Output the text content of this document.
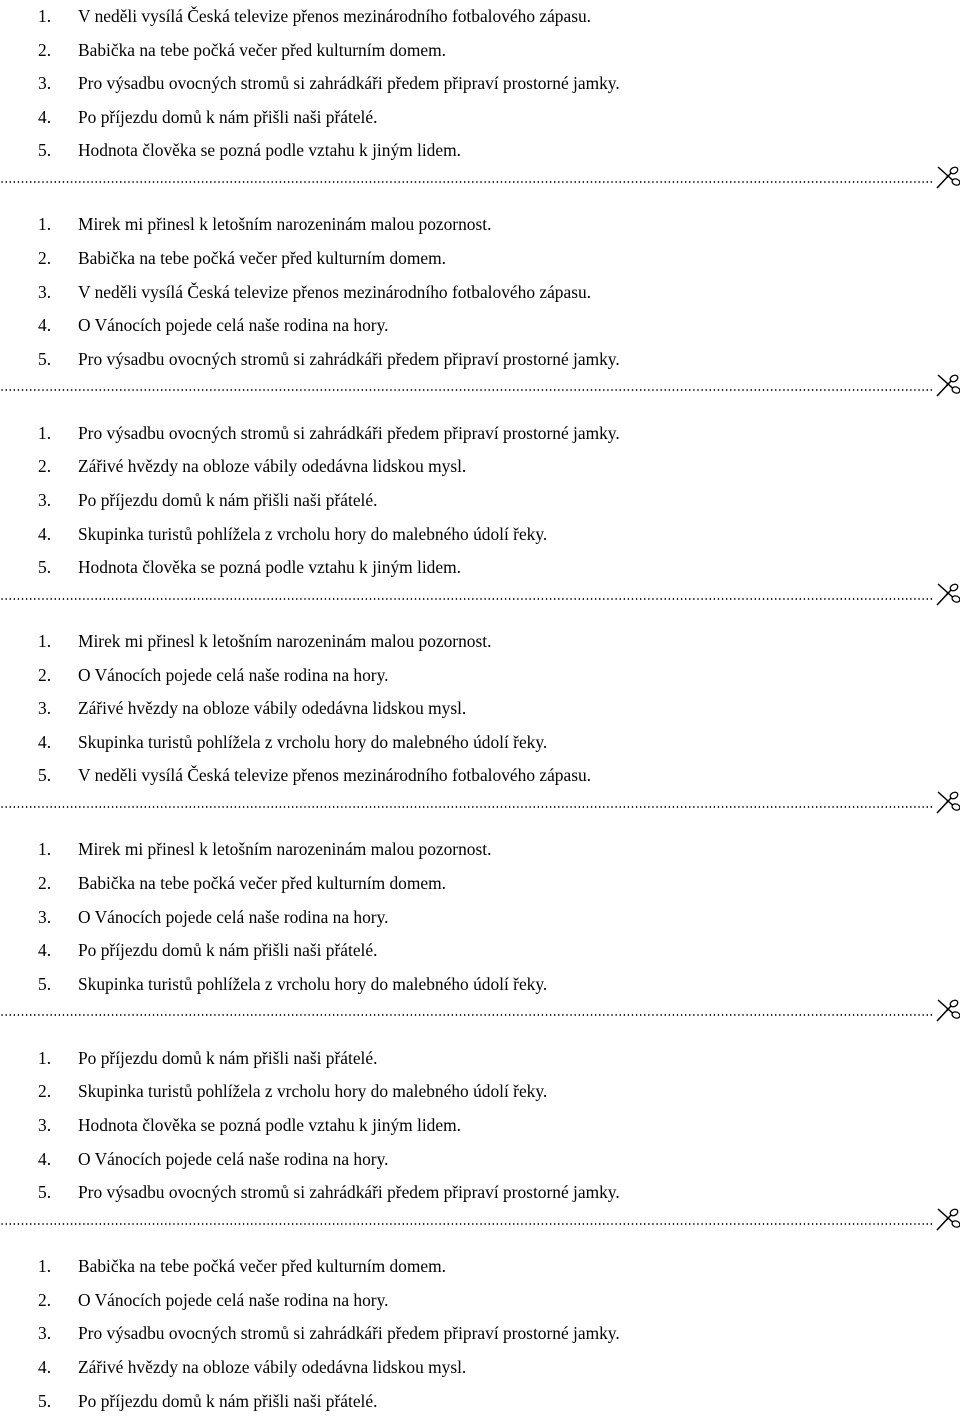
1. V neděli vysílá Česká televize přenos mezinárodního fotbalového zápasu.
2. Babička na tebe počká večer před kulturním domem.
3. Pro výsadbu ovocných stromů si zahrádkáři předem připraví prostorné jamky.
4. Po příjezdu domů k nám přišli naši přátelé.
5. Hodnota člověka se pozná podle vztahu k jiným lidem.
1. Mirek mi přinesl k letošním narozeninám malou pozornost.
2. Babička na tebe počká večer před kulturním domem.
3. V neděli vysílá Česká televize přenos mezinárodního fotbalového zápasu.
4. O Vánocích pojede celá naše rodina na hory.
5. Pro výsadbu ovocných stromů si zahrádkáři předem připraví prostorné jamky.
1. Pro výsadbu ovocných stromů si zahrádkáři předem připraví prostorné jamky.
2. Zářivé hvězdy na obloze vábily odedávna lidskou mysl.
3. Po příjezdu domů k nám přišli naši přátelé.
4. Skupinka turistů pohlížela z vrcholu hory do malebného údolí řeky.
5. Hodnota člověka se pozná podle vztahu k jiným lidem.
1. Mirek mi přinesl k letošním narozeninám malou pozornost.
2. O Vánocích pojede celá naše rodina na hory.
3. Zářivé hvězdy na obloze vábily odedávna lidskou mysl.
4. Skupinka turistů pohlížela z vrcholu hory do malebného údolí řeky.
5. V neděli vysílá Česká televize přenos mezinárodního fotbalového zápasu.
1. Mirek mi přinesl k letošním narozeninám malou pozornost.
2. Babička na tebe počká večer před kulturním domem.
3. O Vánocích pojede celá naše rodina na hory.
4. Po příjezdu domů k nám přišli naši přátelé.
5. Skupinka turistů pohlížela z vrcholu hory do malebného údolí řeky.
1. Po příjezdu domů k nám přišli naši přátelé.
2. Skupinka turistů pohlížela z vrcholu hory do malebného údolí řeky.
3. Hodnota člověka se pozná podle vztahu k jiným lidem.
4. O Vánocích pojede celá naše rodina na hory.
5. Pro výsadbu ovocných stromů si zahrádkáři předem připraví prostorné jamky.
1. Babička na tebe počká večer před kulturním domem.
2. O Vánocích pojede celá naše rodina na hory.
3. Pro výsadbu ovocných stromů si zahrádkáři předem připraví prostorné jamky.
4. Zářivé hvězdy na obloze vábily odedávna lidskou mysl.
5. Po příjezdu domů k nám přišli naši přátelé.
